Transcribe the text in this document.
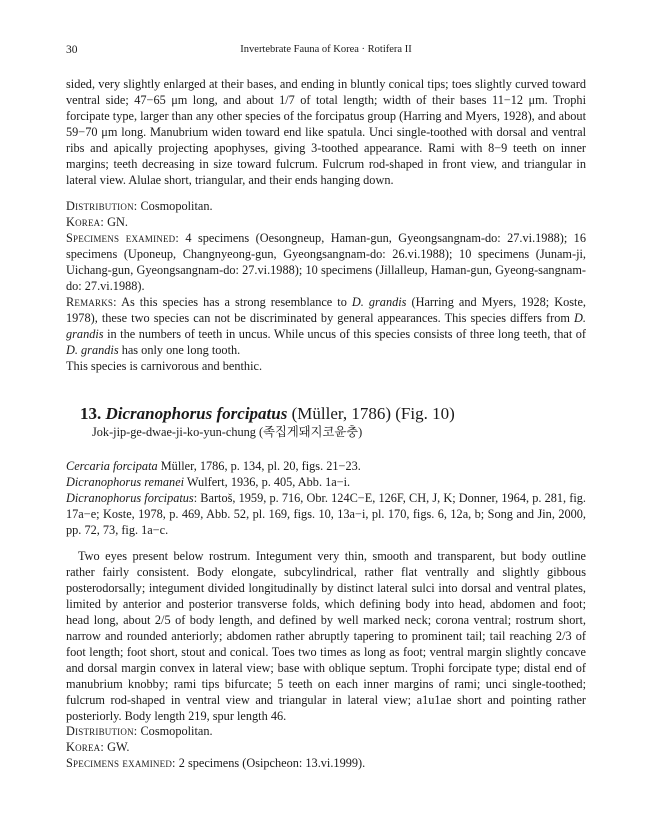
30	Invertebrate Fauna of Korea · Rotifera II

sided, very slightly enlarged at their bases, and ending in bluntly conical tips; toes slightly curved toward ventral side; 47−65 μm long, and about 1/7 of total length; width of their bases 11−12 μm. Trophi forcipate type, larger than any other species of the forcipatus group (Harring and Myers, 1928), and about 59−70 μm long. Manubrium widen toward end like spatula. Unci single-toothed with dorsal and ventral ribs and apically projecting apophyses, giving 3-toothed appearance. Rami with 8−9 teeth on inner margins; teeth decreasing in size toward fulcrum. Fulcrum rod-shaped in front view, and triangular in lateral view. Alulae short, triangular, and their ends hanging down.

Distribution: Cosmopolitan.

Korea: GN.

Specimens examined: 4 specimens (Oesongneup, Haman-gun, Gyeongsangnam-do: 27.vi.1988); 16 specimens (Uponeup, Changnyeong-gun, Gyeongsangnam-do: 26.vi.1988); 10 specimens (Junam-ji, Uichang-gun, Gyeongsangnam-do: 27.vi.1988); 10 specimens (Jillalleup, Haman-gun, Gyeong-sangnam-do: 27.vi.1988).

Remarks: As this species has a strong resemblance to D. grandis (Harring and Myers, 1928; Koste, 1978), these two species can not be discriminated by general appearances. This species differs from D. grandis in the numbers of teeth in uncus. While uncus of this species consists of three long teeth, that of D. grandis has only one long tooth.

This species is carnivorous and benthic.

13. Dicranophorus forcipatus (Müller, 1786) (Fig. 10)
Jok-jip-ge-dwae-ji-ko-yun-chung (족집게돼지코윤충)

Cercaria forcipata Müller, 1786, p. 134, pl. 20, figs. 21−23.

Dicranophorus remanei Wulfert, 1936, p. 405, Abb. 1a−i.

Dicranophorus forcipatus: Bartoš, 1959, p. 716, Obr. 124C−E, 126F, CH, J, K; Donner, 1964, p. 281, fig. 17a−e; Koste, 1978, p. 469, Abb. 52, pl. 169, figs. 10, 13a−i, pl. 170, figs. 6, 12a, b; Song and Jin, 2000, pp. 72, 73, fig. 1a−c.

Two eyes present below rostrum. Integument very thin, smooth and transparent, but body outline rather fairly consistent. Body elongate, subcylindrical, rather flat ventrally and slightly gibbous posterodorsally; integument divided longitudinally by distinct lateral sulci into dorsal and ventral plates, limited by anterior and posterior transverse folds, which defining body into head, abdomen and foot; head long, about 2/5 of body length, and defined by well marked neck; corona ventral; rostrum short, narrow and rounded anteriorly; abdomen rather abruptly tapering to prominent tail; tail reaching 2/3 of foot length; foot short, stout and conical. Toes two times as long as foot; ventral margin slightly concave and dorsal margin convex in lateral view; base with oblique septum. Trophi forcipate type; distal end of manubrium knobby; rami tips bifurcate; 5 teeth on each inner margins of rami; unci single-toothed; fulcrum rod-shaped in ventral view and triangular in lateral view; a1u1ae short and pointing rather posteriorly. Body length 219, spur length 46.

Distribution: Cosmopolitan.

Korea: GW.

Specimens examined: 2 specimens (Osipcheon: 13.vi.1999).
